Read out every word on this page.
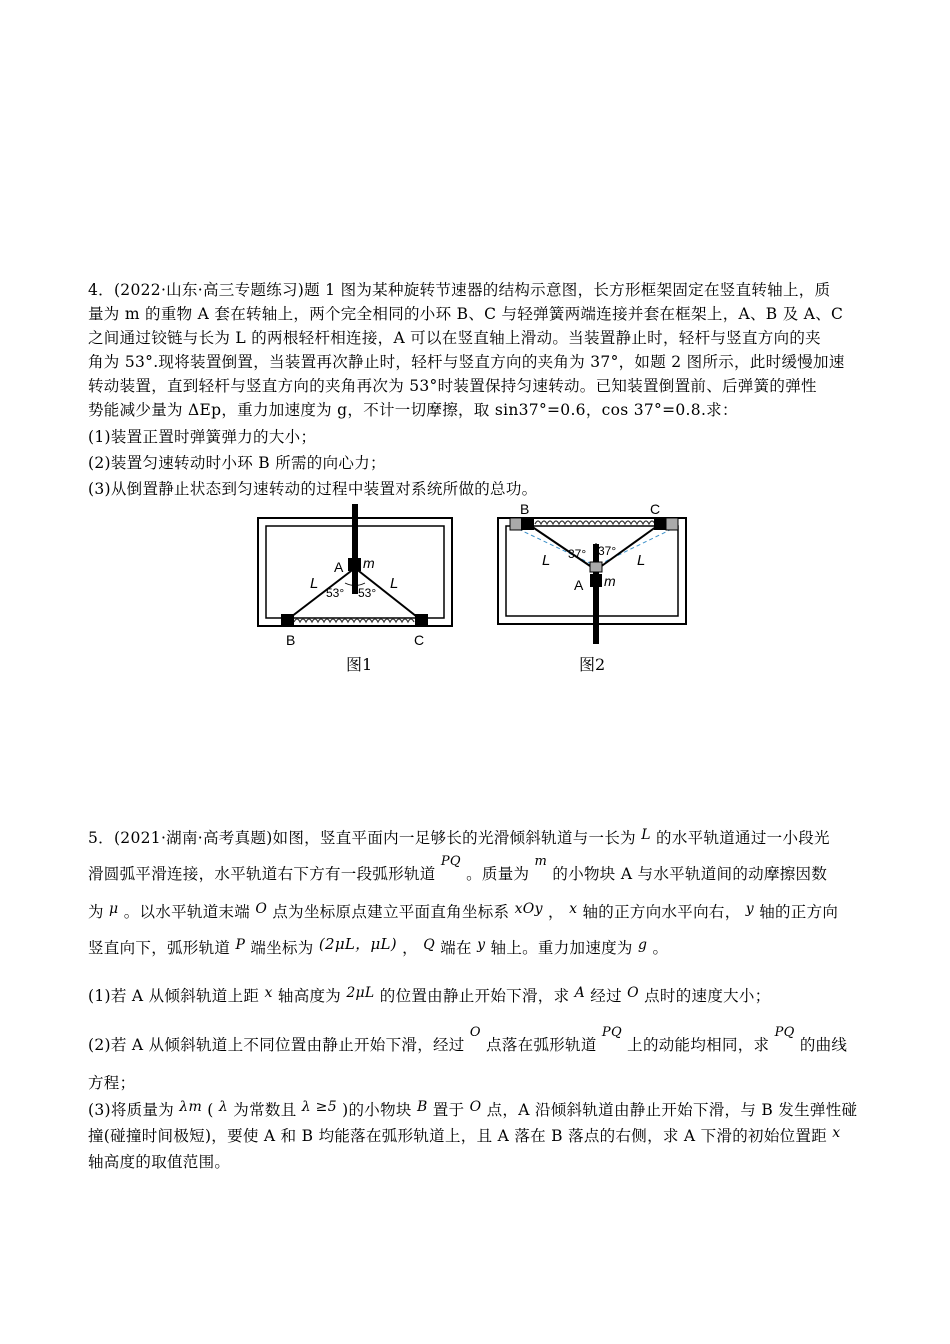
4．(2022·山东·高三专题练习)题 1 图为某种旋转节速器的结构示意图，长方形框架固定在竖直转轴上，质
量为 m 的重物 A 套在转轴上，两个完全相同的小环 B、C 与轻弹簧两端连接并套在框架上，A、B 及 A、C
之间通过铰链与长为 L 的两根轻杆相连接，A 可以在竖直轴上滑动。当装置静止时，轻杆与竖直方向的夹
角为 53°.现将装置倒置，当装置再次静止时，轻杆与竖直方向的夹角为 37°，如题 2 图所示，此时缓慢加速
转动装置，直到轻杆与竖直方向的夹角再次为 53°时装置保持匀速转动。已知装置倒置前、后弹簧的弹性
势能减少量为 ΔEp，重力加速度为 g，不计一切摩擦，取 sin37°=0.6，cos 37°=0.8.求：
(1)装置正置时弹簧弹力的大小；
(2)装置匀速转动时小环 B 所需的向心力；
(3)从倒置静止状态到匀速转动的过程中装置对系统所做的总功。
A m
L	L
53° 53°
B	C
图1
B	C
L	L
37° 37°
A m
图2
5．(2021·湖南·高考真题)如图，竖直平面内一足够长的光滑倾斜轨道与一长为 L 的水平轨道通过一小段光
滑圆弧平滑连接，水平轨道右下方有一段弧形轨道 $^{PQ}$ 。质量为 $^m$ 的小物块 A 与水平轨道间的动摩擦因数
为 μ 。以水平轨道末端 O 点为坐标原点建立平面直角坐标系 xOy ， x 轴的正方向水平向右， y 轴的正方向
竖直向下，弧形轨道 P 端坐标为 (2μL，μL) ， Q 端在 y 轴上。重力加速度为 g 。
(1)若 A 从倾斜轨道上距 x 轴高度为 2μL 的位置由静止开始下滑，求 A 经过 O 点时的速度大小；
(2)若 A 从倾斜轨道上不同位置由静止开始下滑，经过 $^O$ 点落在弧形轨道 $^{PQ}$ 上的动能均相同，求 $^{PQ}$ 的曲线
方程；
(3)将质量为 λm ( λ 为常数且 λ ≥5 )的小物块 B 置于 O 点，A 沿倾斜轨道由静止开始下滑，与 B 发生弹性碰
撞(碰撞时间极短)，要使 A 和 B 均能落在弧形轨道上，且 A 落在 B 落点的右侧，求 A 下滑的初始位置距 x
轴高度的取值范围。
